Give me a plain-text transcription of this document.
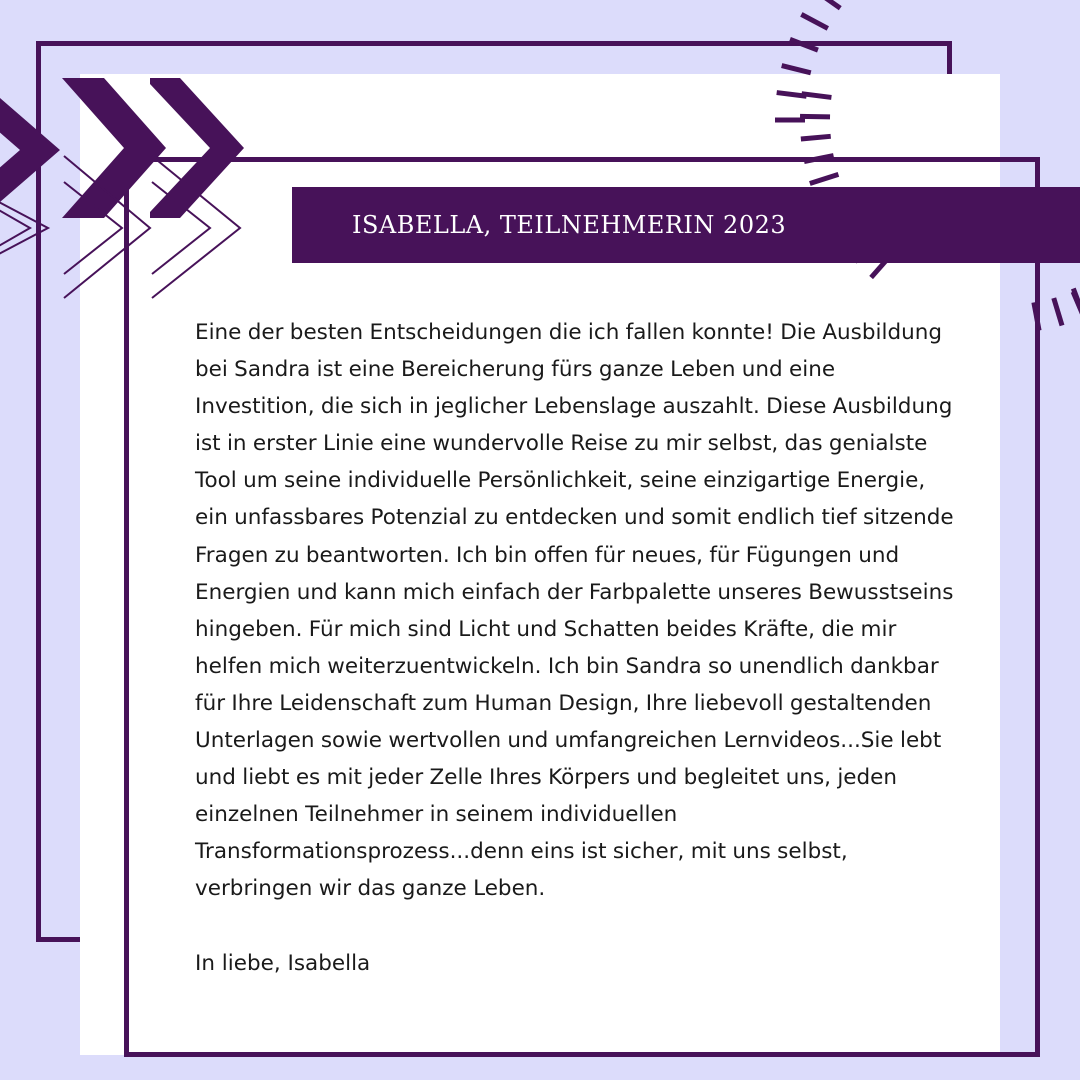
ISABELLA, TEILNEHMERIN 2023
Eine der besten Entscheidungen die ich fallen konnte! Die Ausbildung bei Sandra ist eine Bereicherung fürs ganze Leben und eine Investition, die sich in jeglicher Lebenslage auszahlt. Diese Ausbildung ist in erster Linie eine wundervolle Reise zu mir selbst, das genialste Tool um seine individuelle Persönlichkeit, seine einzigartige Energie, ein unfassbares Potenzial zu entdecken und somit endlich tief sitzende Fragen zu beantworten. Ich bin offen für neues, für Fügungen und Energien und kann mich einfach der Farbpalette unseres Bewusstseins hingeben. Für mich sind Licht und Schatten beides Kräfte, die mir helfen mich weiterzuentwickeln. Ich bin Sandra so unendlich dankbar für Ihre Leidenschaft zum Human Design, Ihre liebevoll gestaltenden Unterlagen sowie wertvollen und umfangreichen Lernvideos...Sie lebt und liebt es mit jeder Zelle Ihres Körpers und begleitet uns, jeden einzelnen Teilnehmer in seinem individuellen Transformationsprozess...denn eins ist sicher, mit uns selbst, verbringen wir das ganze Leben.
In liebe, Isabella
